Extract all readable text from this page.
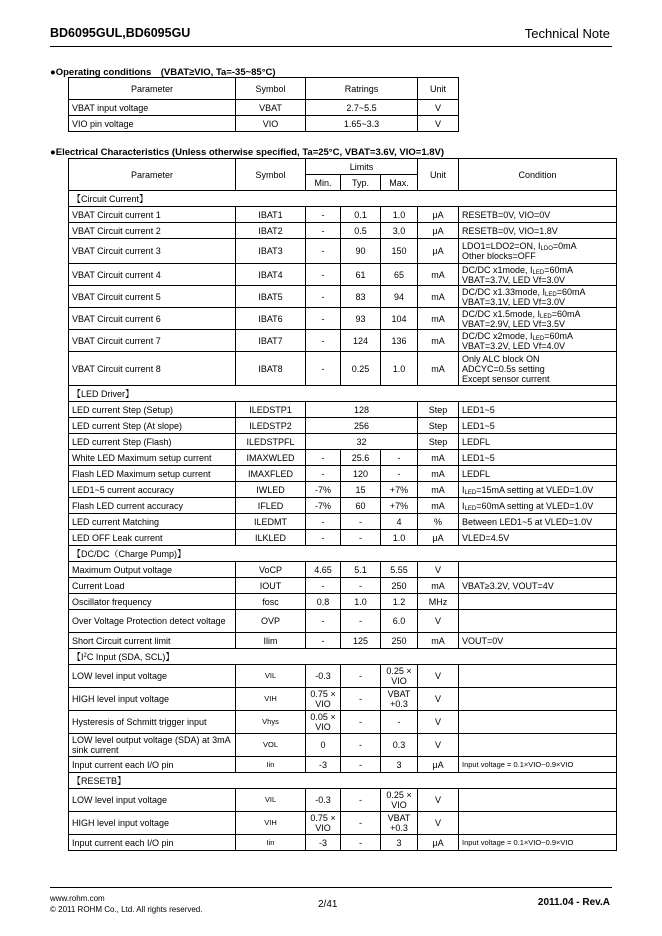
BD6095GUL,BD6095GU	Technical Note
●Operating conditions　(VBAT≥VIO, Ta=-35~85°C)
Parameter	Symbol	Ratrings	Unit
VBAT input voltage	VBAT	2.7~5.5	V
VIO pin voltage	VIO	1.65~3.3	V
●Electrical Characteristics (Unless otherwise specified, Ta=25°C, VBAT=3.6V, VIO=1.8V)
Parameter	Symbol	Limits			Unit	Condition
		Min.	Typ.	Max.		
【Circuit Current】						
VBAT Circuit current 1	IBAT1	-	0.1	1.0	μA	RESETB=0V, VIO=0V
VBAT Circuit current 2	IBAT2	-	0.5	3.0	μA	RESETB=0V, VIO=1.8V
VBAT Circuit current 3	IBAT3	-	90	150	μA	LDO1=LDO2=ON, $I_{LDO}=0mA$
Other blocks=OFF
VBAT Circuit current 4	IBAT4	-	61	65	mA	DC/DC x1mode, $I_{LED}=60mA$
VBAT=3.7V, LED Vf=3.0V
VBAT Circuit current 5	IBAT5	-	83	94	mA	DC/DC x1.33mode, $I_{LED}=60mA$
VBAT=3.1V, LED Vf=3.0V
VBAT Circuit current 6	IBAT6	-	93	104	mA	DC/DC x1.5mode, $I_{LED}=60mA$
VBAT=2.9V, LED Vf=3.5V
VBAT Circuit current 7	IBAT7	-	124	136	mA	DC/DC x2mode, $I_{LED}=60mA$
VBAT=3.2V, LED Vf=4.0V
VBAT Circuit current 8	IBAT8	-	0.25	1.0	mA	Only ALC block ON
ADCYC=0.5s setting
Except sensor current
【LED Driver】						
LED current Step (Setup)	ILEDSTP1	128			Step	LED1~5
LED current Step (At slope)	ILEDSTP2	256			Step	LED1~5
LED current Step (Flash)	ILEDSTPFL	32			Step	LEDFL
White LED Maximum setup current	IMAXWLED	-	25.6	-	mA	LED1~5
Flash LED Maximum setup current	IMAXFLED	-	120	-	mA	LEDFL
LED1~5 current accuracy	IWLED	-7%	15	+7%	mA	$I_{LED}=15mA$ setting at VLED=1.0V
Flash LED current accuracy	IFLED	-7%	60	+7%	mA	$I_{LED}=60mA$ setting at VLED=1.0V
LED current Matching	ILEDMT	-	-	4	%	Between LED1~5 at VLED=1.0V
LED OFF Leak current	ILKLED	-	-	1.0	μA	VLED=4.5V
【DC/DC（Charge Pump)】						
Maximum Output voltage	VoCP	4.65	5.1	5.55	V	
Current Load	IOUT	-	-	250	mA	VBAT≥3.2V, VOUT=4V
Oscillator frequency	fosc	0.8	1.0	1.2	MHz	
Over Voltage Protection detect voltage	OVP	-	-	6.0	V	
Short Circuit current limit	Ilim	-	125	250	mA	VOUT=0V
【$I^2C$ Input (SDA, SCL)】						
LOW level input voltage	VIL	-0.3	-	0.25 × VIO	V	
HIGH level input voltage	VIH	0.75 × VIO	-	VBAT +0.3	V	
Hysteresis of Schmitt trigger input	Vhys	0.05 × VIO	-	-	V	
LOW level output voltage (SDA) at 3mA sink current	VOL	0	-	0.3	V	
Input current each I/O pin	Iin	-3	-	3	μA	Input voltage = 0.1×VIO~0.9×VIO
【RESETB】						
LOW level input voltage	VIL	-0.3	-	0.25 × VIO	V	
HIGH level input voltage	VIH	0.75 × VIO	-	VBAT +0.3	V	
Input current each I/O pin	Iin	-3	-	3	μA	Input voltage = 0.1×VIO~0.9×VIO
www.rohm.com
© 2011 ROHM Co., Ltd. All rights reserved.	2/41	2011.04 - Rev.A
